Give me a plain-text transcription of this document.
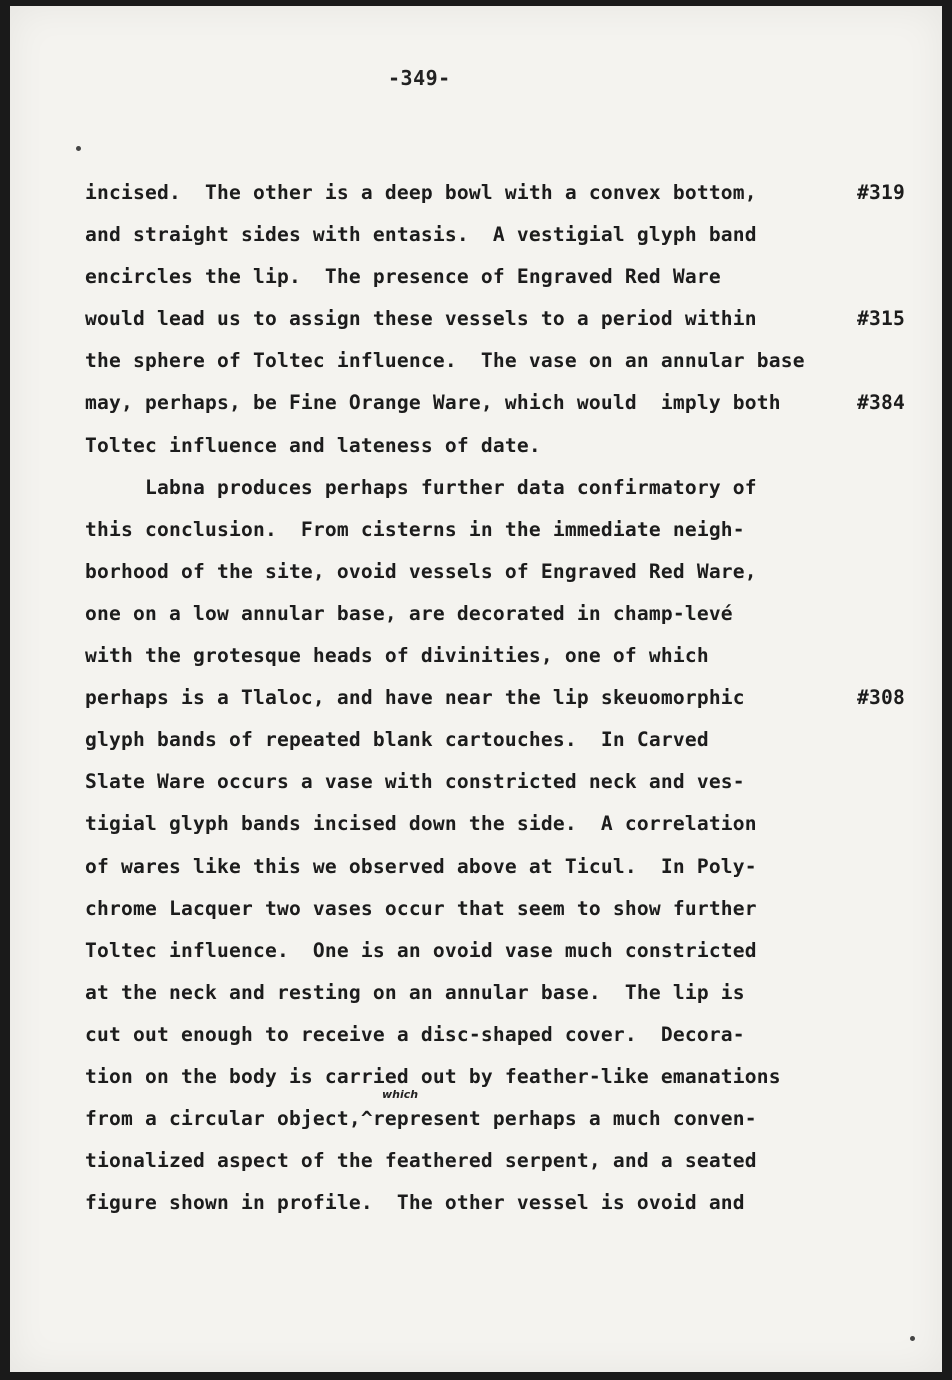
-349-
incised.  The other is a deep bowl with a convex bottom,	#319
and straight sides with entasis.  A vestigial glyph band
encircles the lip.  The presence of Engraved Red Ware
would lead us to assign these vessels to a period within	#315
the sphere of Toltec influence.  The vase on an annular base
may, perhaps, be Fine Orange Ware, which would  imply both	#384
Toltec influence and lateness of date.
Labna produces perhaps further data confirmatory of
this conclusion.  From cisterns in the immediate neigh-
borhood of the site, ovoid vessels of Engraved Red Ware,
one on a low annular base, are decorated in champ-levé
with the grotesque heads of divinities, one of which
perhaps is a Tlaloc, and have near the lip skeuomorphic	#308
glyph bands of repeated blank cartouches.  In Carved
Slate Ware occurs a vase with constricted neck and ves-
tigial glyph bands incised down the side.  A correlation
of wares like this we observed above at Ticul.  In Poly-
chrome Lacquer two vases occur that seem to show further
Toltec influence.  One is an ovoid vase much constricted
at the neck and resting on an annular base.  The lip is
cut out enough to receive a disc-shaped cover.  Decora-
tion on the body is carried out by feather-like emanations
from a circular object,^represent perhaps a much conven-
tionalized aspect of the feathered serpent, and a seated
figure shown in profile.  The other vessel is ovoid and
which
